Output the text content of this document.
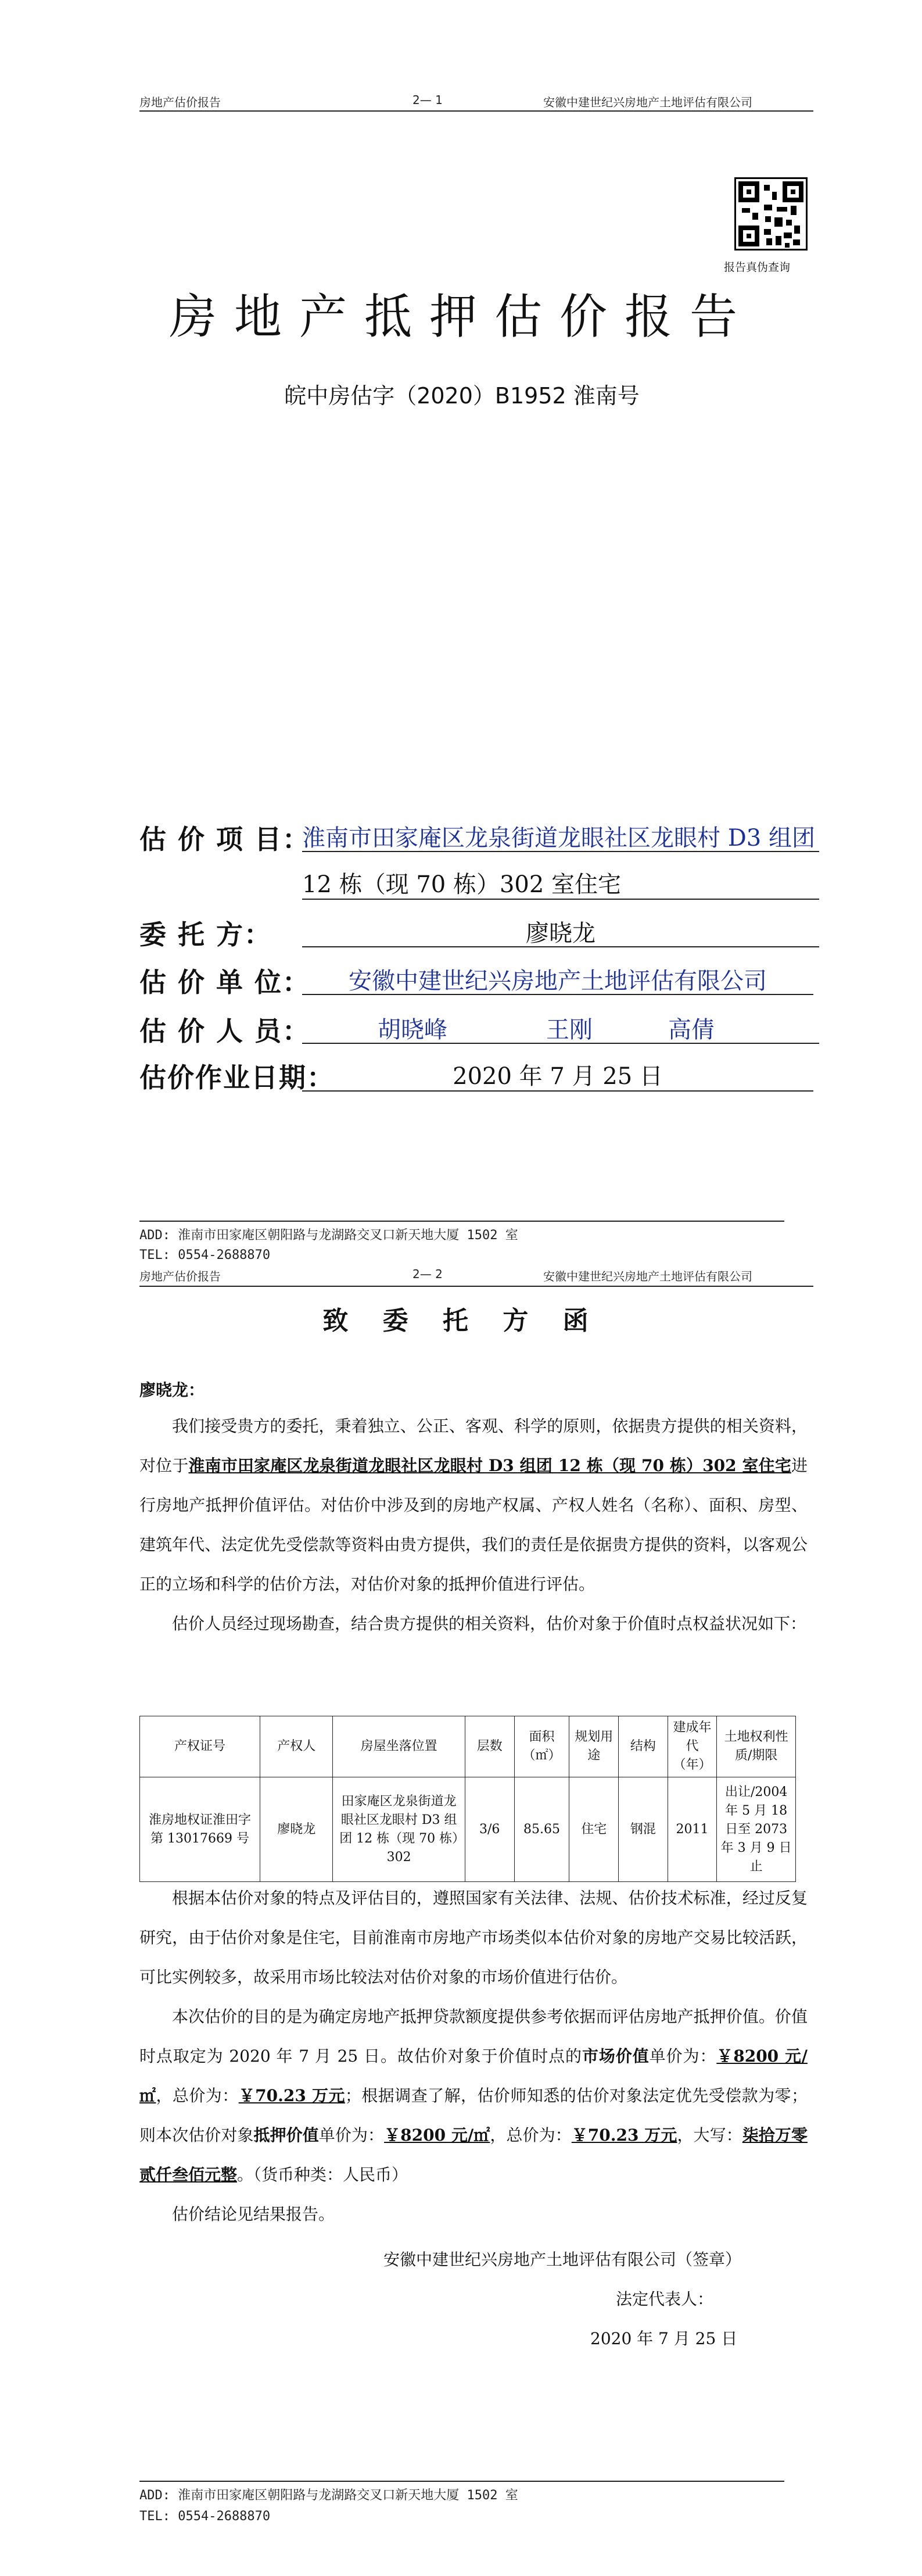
房地产估价报告	2— 1	安徽中建世纪兴房地产土地评估有限公司
报告真伪查询
房地产抵押估价报告
皖中房估字（2020）B1952 淮南号
估 价 项 目：
淮南市田家庵区龙泉街道龙眼社区龙眼村 D3 组团
12 栋（现 70 栋）302 室住宅
委 托 方：	廖晓龙
估 价 单 位：	安徽中建世纪兴房地产土地评估有限公司
估 价 人 员：	胡晓峰	王刚	高倩
估价作业日期：	2020 年 7 月 25 日
ADD: 淮南市田家庵区朝阳路与龙湖路交叉口新天地大厦 1502 室
TEL: 0554-2688870
房地产估价报告	2— 2	安徽中建世纪兴房地产土地评估有限公司
致 委 托 方 函
廖晓龙：

我们接受贵方的委托，秉着独立、公正、客观、科学的原则，依据贵方提供的相关资料，对位于淮南市田家庵区龙泉街道龙眼社区龙眼村 D3 组团 12 栋（现 70 栋）302 室住宅进行房地产抵押价值评估。对估价中涉及到的房地产权属、产权人姓名（名称）、面积、房型、建筑年代、法定优先受偿款等资料由贵方提供，我们的责任是依据贵方提供的资料，以客观公正的立场和科学的估价方法，对估价对象的抵押价值进行评估。

估价人员经过现场勘查，结合贵方提供的相关资料，估价对象于价值时点权益状况如下：

产权证号	产权人	房屋坐落位置	层数	面积（㎡）	规划用途	结构	建成年代（年）	土地权利性质/期限
淮房地权证淮田字第 13017669 号	廖晓龙	田家庵区龙泉街道龙眼社区龙眼村 D3 组团 12 栋（现 70 栋）302	3/6	85.65	住宅	钢混	2011	出让/2004 年 5 月 18 日至 2073 年 3 月 9 日止

根据本估价对象的特点及评估目的，遵照国家有关法律、法规、估价技术标准，经过反复研究，由于估价对象是住宅，目前淮南市房地产市场类似本估价对象的房地产交易比较活跃，可比实例较多，故采用市场比较法对估价对象的市场价值进行估价。

本次估价的目的是为确定房地产抵押贷款额度提供参考依据而评估房地产抵押价值。价值时点取定为 2020 年 7 月 25 日。故估价对象于价值时点的市场价值单价为：￥8200 元/㎡，总价为：￥70.23 万元；根据调查了解，估价师知悉的估价对象法定优先受偿款为零；则本次估价对象抵押价值单价为：￥8200 元/㎡，总价为：￥70.23 万元，大写：柒拾万零贰仟叁佰元整。（货币种类：人民币）

估价结论见结果报告。

安徽中建世纪兴房地产土地评估有限公司（签章）
法定代表人：
2020 年 7 月 25 日
ADD: 淮南市田家庵区朝阳路与龙湖路交叉口新天地大厦 1502 室
TEL: 0554-2688870
